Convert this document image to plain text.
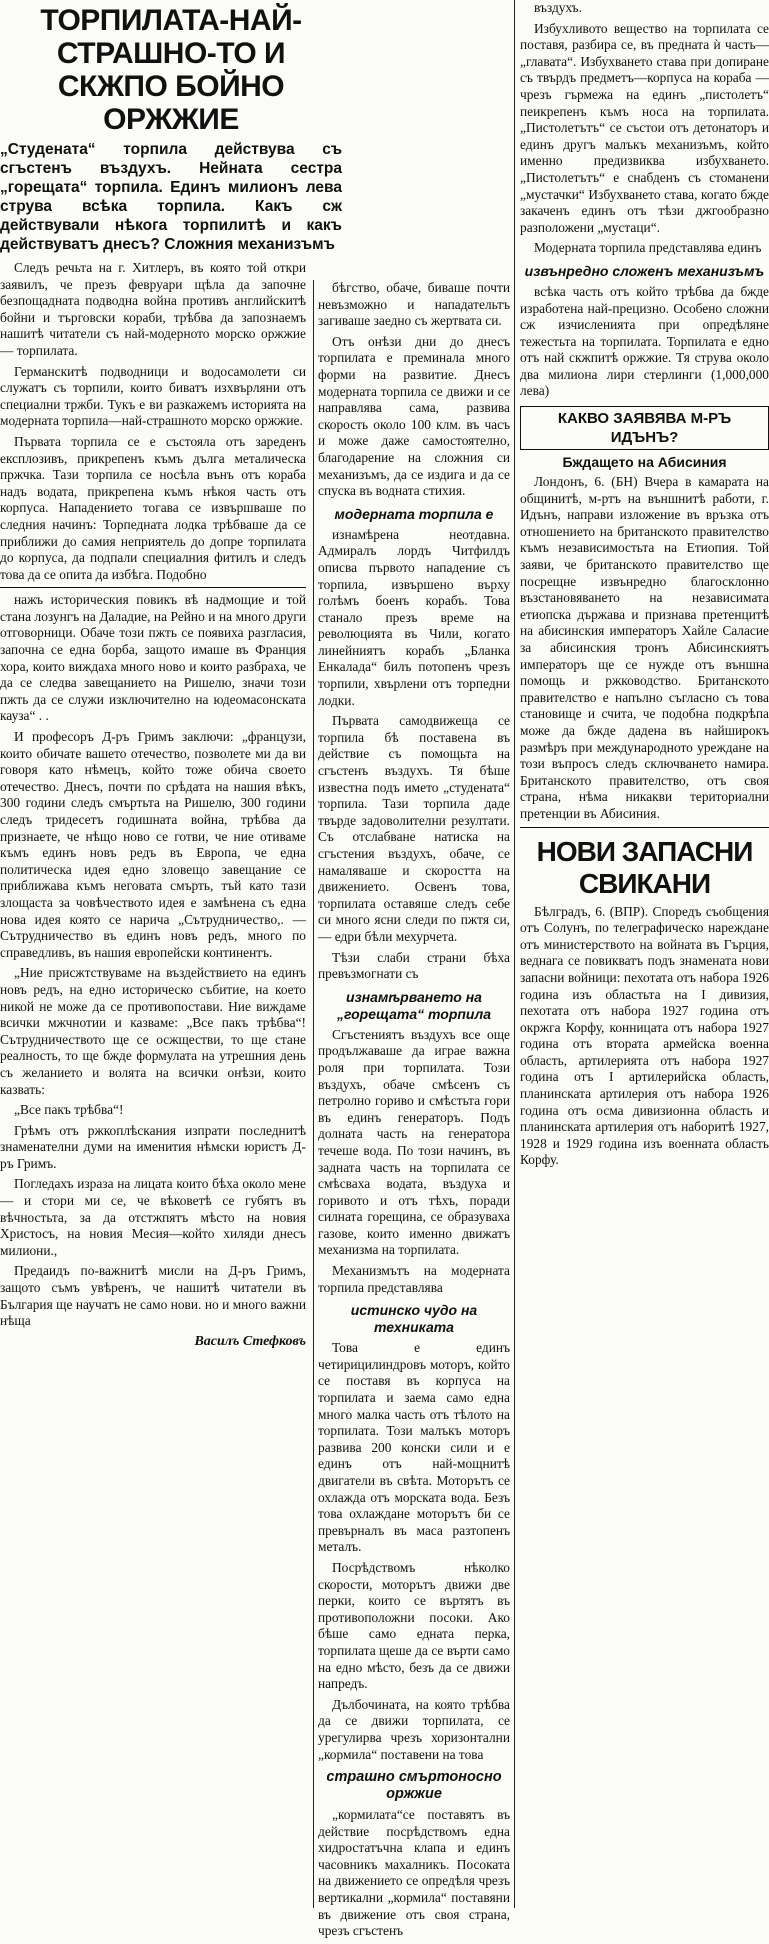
ТОРПИЛАТА-НАЙ-СТРАШНО-ТО И СКЖПО БОЙНО ОРЖЖИЕ
„Студената“ торпила действува съ сгъстенъ въздухъ. Нейната сестра „горещата“ торпила. Единъ милионъ лева струва всѣка торпила. Какъ сж действували нѣкога торпилитѣ и какъ действуватъ днесъ? Сложния механизъмъ

Следъ речьта на г. Хитлеръ, въ която той откри заявилъ, че презъ февруари щѣла да започне безпощадната подводна война противъ английскитѣ бойни и търговски кораби, трѣбва да запознаемъ нашитѣ читатели съ най-модерното морско оржжие — торпилата.

Германскитѣ подводници и водосамолети си служатъ съ торпили, които биватъ изхвърляни отъ специални тржби. Тукъ е ви разкажемъ историята на модерната торпила—най-страшното морско оржжие.

Първата торпила се е състояла отъ зареденъ експлозивъ, прикрепенъ къмъ дълга металическа пржчка. Тази торпила се носѣла вънъ отъ кораба надъ водата, прикрепена къмъ нѣкоя часть отъ корпуса. Нападението тогава се извършваше по следния начинъ: Торпедната лодка трѣбваше да се приближи до самия неприятель до допре торпилата до корпуса, да подпали специалния фитилъ и следъ това да се опита да избѣга. Подобно

нажъ историческия повикъ вѣ надмощие и той стана лозунгъ на Даладие, на Рейно и на много други отговорници. Обаче този пжть се появиха разгласия, започна се една борба, защото имаше въ Франция хора, които виждаха много ново и които разбраха, че да се следва завещанието на Ришелю, значи този пжть да се служи изключително на юдеомасонската кауза“ . .

И професоръ Д-ръ Гримъ заключи: „французи, които обичате вашето отечество, позволете ми да ви говоря като нѣмецъ, който тоже обича своето отечество. Днесъ, почти по срѣдата на нашия вѣкъ, 300 години следъ смъртьта на Ришелю, 300 години следъ тридесетъ годишната война, трѣбва да признаете, че нѣщо ново се готви, че ние отиваме къмъ единъ новъ редъ въ Европа, че една политическа идея едно зловещо завещание се приближава къмъ неговата смърть, тъй като тази злощаста за човѣчеството идея е замѣнена съ една нова идея която се нарича „Сътрудничество,. — Сътрудничество въ единъ новъ редъ, много по справедливъ, въ нашия европейски континентъ.

„Ние присжтствуваме на въздействието на единъ новъ редъ, на едно историческо събитие, на което никой не може да се противопостави. Ние виждаме всички мжчнотии и казваме: „Все пакъ трѣбва“! Сътрудничеството ще се осжществи, то ще стане реалность, то ще бжде формулата на утрешния день съ желанието и волята на всички онѣзи, които казвать:

„Все пакъ трѣбва“!

Грѣмъ отъ ржкоплѣскания изпрати последнитѣ знаменателни думи на именития нѣмски юристъ Д-ръ Гримъ.

Погледахъ израза на лицата които бѣха около мене — и стори ми се, че вѣковетѣ се губятъ въ вѣчностьта, за да отстжпятъ мѣсто на новия Христосъ, на новия Месия—който хиляди днесъ милиони.,

Предаидъ по-важнитѣ мисли на Д-ръ Гримъ, защото съмъ увѣренъ, че нашитѣ читатели въ България ще научатъ не само нови. но и много важни нѣща

Василъ Стефковъ

бѣгство, обаче, биваше почти невъзможно и нападательтъ загиваше заедно съ жертвата си.

Отъ онѣзи дни до днесъ торпилата е преминала много форми на развитие. Днесъ модерната торпила се движи и се направлява сама, развива скорость около 100 клм. въ часъ и може даже самостоятелно, благодарение на сложния си механизъмъ, да се издига и да се спуска въ водната стихия.

модерната торпила е

изнамѣрена неотдавна. Адмиралъ лордъ Читфилдъ описва първото нападение съ торпила, извършено върху голѣмъ боенъ корабъ. Това станало презъ време на революцията въ Чили, когато линейниятъ корабъ „Бланка Енкалада“ билъ потопенъ чрезъ торпили, хвърлени отъ торпедни лодки.

Първата самодвижеща се торпила бѣ поставена въ действие съ помощьта на сгъстенъ въздухъ. Тя бѣше известна подъ името „студената“ торпила. Тази торпила даде твърде задоволителни резултати. Съ отслабване натиска на сгъстения въздухъ, обаче, се намаляваше и скоростта на движението. Освенъ това, торпилата оставяше следъ себе си много ясни следи по пжтя си, — едри бѣли мехурчета.

Тѣзи слаби страни бѣха превъзмогнати съ

изнамѣрването на „горещата“ торпила

Сгъстениятъ въздухъ все още продължаваше да играе важна роля при торпилата. Този въздухъ, обаче смѣсенъ съ петролно гориво и смѣстьта гори въ единъ генераторъ. Подъ долната часть на генератора течеше вода. По този начинъ, въ задната часть на торпилата се смѣсваха водата, въздуха и горивото и отъ тѣхъ, поради силната горещина, се образуваха газове, които именно движатъ механизма на торпилата.

Механизмътъ на модерната торпила представлява

истинско чудо на техниката

Това е единъ четирицилиндровъ моторъ, който се поставя въ корпуса на торпилата и заема само една много малка часть отъ тѣлото на торпилата. Този малъкъ моторъ развива 200 конски сили и е единъ отъ най-мощнитѣ двигатели въ свѣта. Моторътъ се охлажда отъ морската вода. Безъ това охлаждане моторътъ би се превърналъ въ маса разтопенъ металъ.

Посрѣдствомъ нѣколко скорости, моторътъ движи две перки, които се въртятъ въ противоположни посоки. Ако бѣше само едната перка, торпилата щеше да се върти само на едно мѣсто, безъ да се движи напредъ.

Дълбочината, на която трѣбва да се движи торпилата, се урегулирва чрезъ хоризонтални „кормила“ поставени на това

страшно смъртоносно оржжие

„кормилата“се поставятъ въ действие посрѣдствомъ една хидростатъчна клапа и единъ часовникъ махалникъ. Посоката на движението се опредѣля чрезъ вертикални „кормила“ поставяни въ движение отъ своя страна, чрезъ сгъстенъ

въздухъ.

Избухливото вещество на торпилата се поставя, разбира се, въ предната ѝ часть—„главата“. Избухването става при допиране съ твърдъ предметъ—корпуса на кораба — чрезъ гърмежа на единъ „пистолетъ“ пеикрепенъ къмъ носа на торпилата. „Пистолетътъ“ се състои отъ детонаторъ и единъ другъ малъкъ механизъмъ, който именно предизвиква избухването. „Пистолетътъ“ е снабденъ съ стоманени „мустачки“ Избухването става, когато бжде закаченъ единъ отъ тѣзи джгообразно разположени „мустаци“.

Модерната торпила представлява единъ

извънредно сложенъ механизъмъ

всѣка часть отъ който трѣбва да бжде изработена най-прецизно. Особено сложни сж изчисленията при опредѣляне тежестьта на торпилата. Торпилата е едно отъ най скжпитѣ оржжие. Тя струва около два милиона лири стерлинги (1,000,000 лева)

КАКВО ЗАЯВЯВА М-РЪ ИДЪНЪ?
Бждащето на Абисиния

Лондонъ, 6. (БН) Вчера в камарата на общинитѣ, м-ртъ на външнитѣ работи, г. Идънъ, направи изложение въ връзка отъ отношението на британското правителство къмъ независимостьта на Етиопия. Той заяви, че британското правителство ще посрещне извънредно благосклонно възстановяването на независимата етиопска държава и признава претенцитѣ на абисинския императоръ Хайле Саласие за абисинския тронъ Абисинскиятъ императоръ ще се нужде отъ външна помощь и ржководство. Британското правителство е напълно съгласно съ това становище и счита, че подобна подкрѣпа може да бжде дадена въ найширокъ размѣръ при международното уреждане на този въпросъ следъ сключването намира. Британското правителство, отъ своя страна, нѣма никакви териториални претенции въ Абисиния.

НОВИ ЗАПАСНИ СВИКАНИ

Бѣлградъ, 6. (ВПР). Споредъ съобщения отъ Солунъ, по телеграфическо нареждане отъ министерството на войната въ Гърция, веднага се повикватъ подъ знамената нови запасни войници: пехотата отъ набора 1926 година изъ областьта на I дивизия, пехотата отъ набора 1927 година отъ окржга Корфу, конницата отъ набора 1927 година отъ втората армейска военна область, артилерията отъ набора 1927 година отъ I артилерийска область, планинската артилерия отъ набора 1926 година отъ осма дивизионна область и планинската артилерия отъ наборитѣ 1927, 1928 и 1929 година изъ военната область Корфу.
